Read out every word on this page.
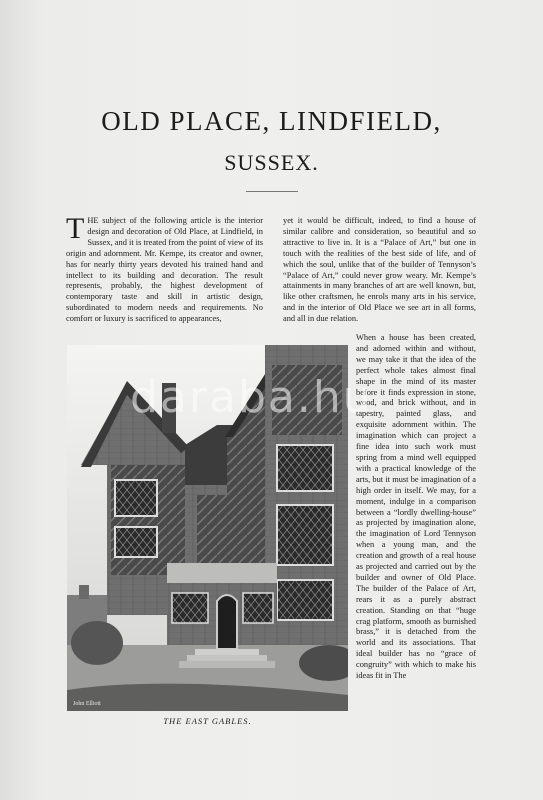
OLD PLACE, LINDFIELD,
SUSSEX.
T HE subject of the following article is the interior design and decoration of Old Place, at Lindfield, in Sussex, and it is treated from the point of view of its origin and adornment. Mr. Kempe, its creator and owner, has for nearly thirty years devoted his trained hand and intellect to its building and decoration. The result represents, probably, the highest development of contemporary taste and skill in artistic design, subordinated to modern needs and requirements. No comfort or luxury is sacrificed to appearances,

yet it would be difficult, indeed, to find a house of similar calibre and consideration, so beautiful and so attractive to live in. It is a “Palace of Art,” but one in touch with the realities of the best side of life, and of which the soul, unlike that of the builder of Tennyson’s “Palace of Art,” could never grow weary. Mr. Kempe’s attainments in many branches of art are well known, but, like other craftsmen, he enrols many arts in his service, and in the interior of Old Place we see art in all forms, and all in due relation.

When a house has been created, and adorned within and without, we may take it that the idea of the perfect whole takes almost final shape in the mind of its master before it finds expression in stone, wood, and brick without, and in tapestry, painted glass, and exquisite adornment within. The imagination which can project a fine idea into such work must spring from a mind well equipped with a practical knowledge of the arts, but it must be imagination of a high order in itself. We may, for a moment, indulge in a comparison between a “lordly dwelling-house” as projected by imagination alone, the imagination of Lord Tennyson when a young man, and the creation and growth of a real house as projected and carried out by the builder and owner of Old Place. The builder of the Palace of Art, rears it as a purely abstract creation. Standing on that “huge crag platform, smooth as burnished brass,” it is detached from the world and its associations. That ideal builder has no “grace of congruity” with which to make his ideas fit in The

John Elliott
THE EAST GABLES.
daraba.hu
